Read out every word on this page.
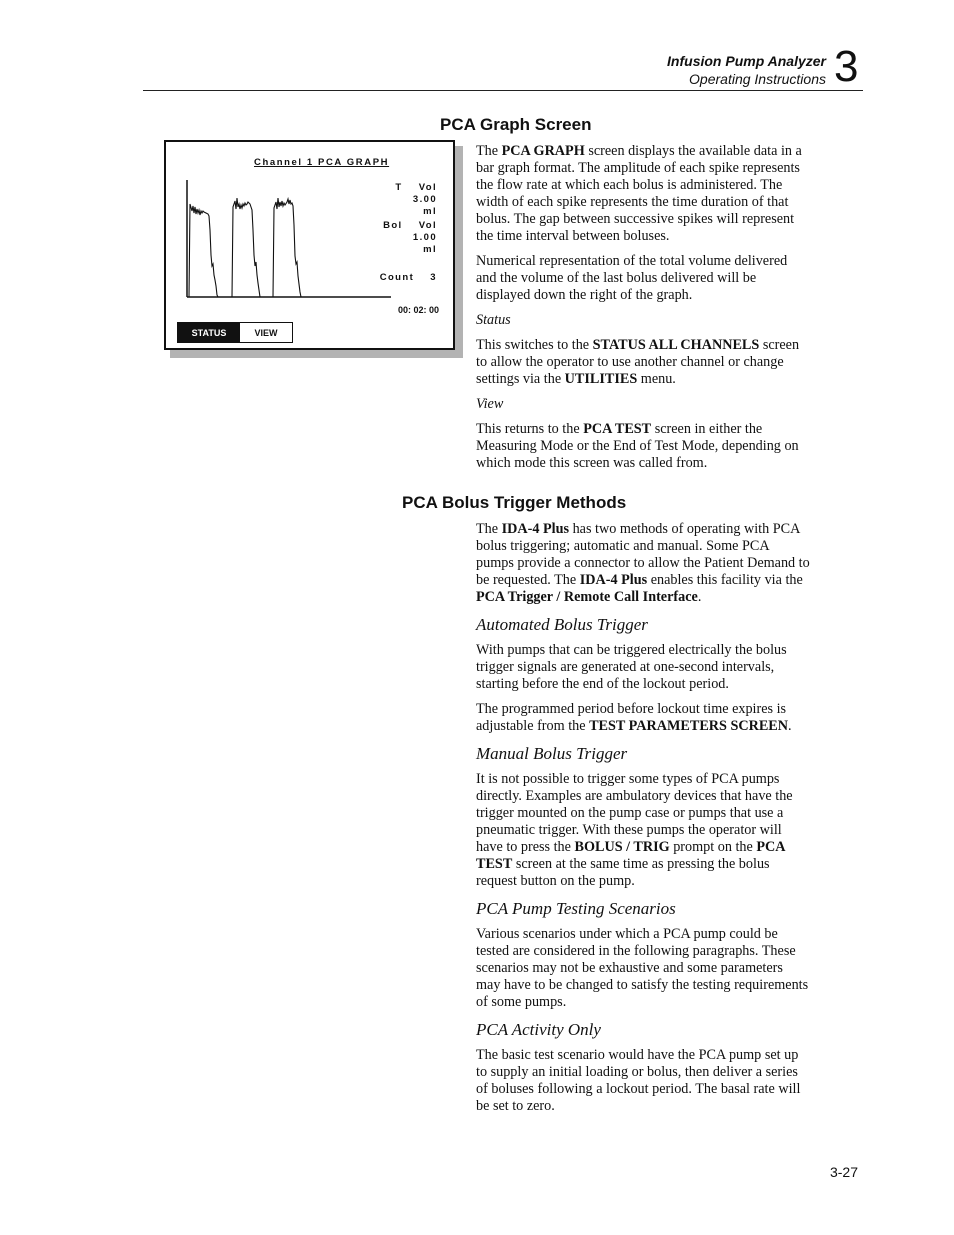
Infusion Pump Analyzer
Operating Instructions 3
PCA Graph Screen
Channel 1 PCA GRAPH
T    Vol
3.00
ml
Bol    Vol
1.00
ml
Count    3
00: 02: 00
STATUS	VIEW

The PCA GRAPH screen displays the available data in a bar graph format. The amplitude of each spike represents the flow rate at which each bolus is administered. The width of each spike represents the time duration of that bolus. The gap between successive spikes will represent the time interval between boluses.

Numerical representation of the total volume delivered and the volume of the last bolus delivered will be displayed down the right of the graph.

Status

This switches to the STATUS ALL CHANNELS screen to allow the operator to use another channel or change settings via the UTILITIES menu.

View

This returns to the PCA TEST screen in either the Measuring Mode or the End of Test Mode, depending on which mode this screen was called from.

PCA Bolus Trigger Methods

The IDA-4 Plus has two methods of operating with PCA bolus triggering; automatic and manual. Some PCA pumps provide a connector to allow the Patient Demand to be requested. The IDA-4 Plus enables this facility via the PCA Trigger / Remote Call Interface.

Automated Bolus Trigger

With pumps that can be triggered electrically the bolus trigger signals are generated at one-second intervals, starting before the end of the lockout period.

The programmed period before lockout time expires is adjustable from the TEST PARAMETERS SCREEN.

Manual Bolus Trigger

It is not possible to trigger some types of PCA pumps directly. Examples are ambulatory devices that have the trigger mounted on the pump case or pumps that use a pneumatic trigger. With these pumps the operator will have to press the BOLUS / TRIG prompt on the PCA TEST screen at the same time as pressing the bolus request button on the pump.

PCA Pump Testing Scenarios

Various scenarios under which a PCA pump could be tested are considered in the following paragraphs. These scenarios may not be exhaustive and some parameters may have to be changed to satisfy the testing requirements of some pumps.

PCA Activity Only

The basic test scenario would have the PCA pump set up to supply an initial loading or bolus, then deliver a series of boluses following a lockout period. The basal rate will be set to zero.

3-27
